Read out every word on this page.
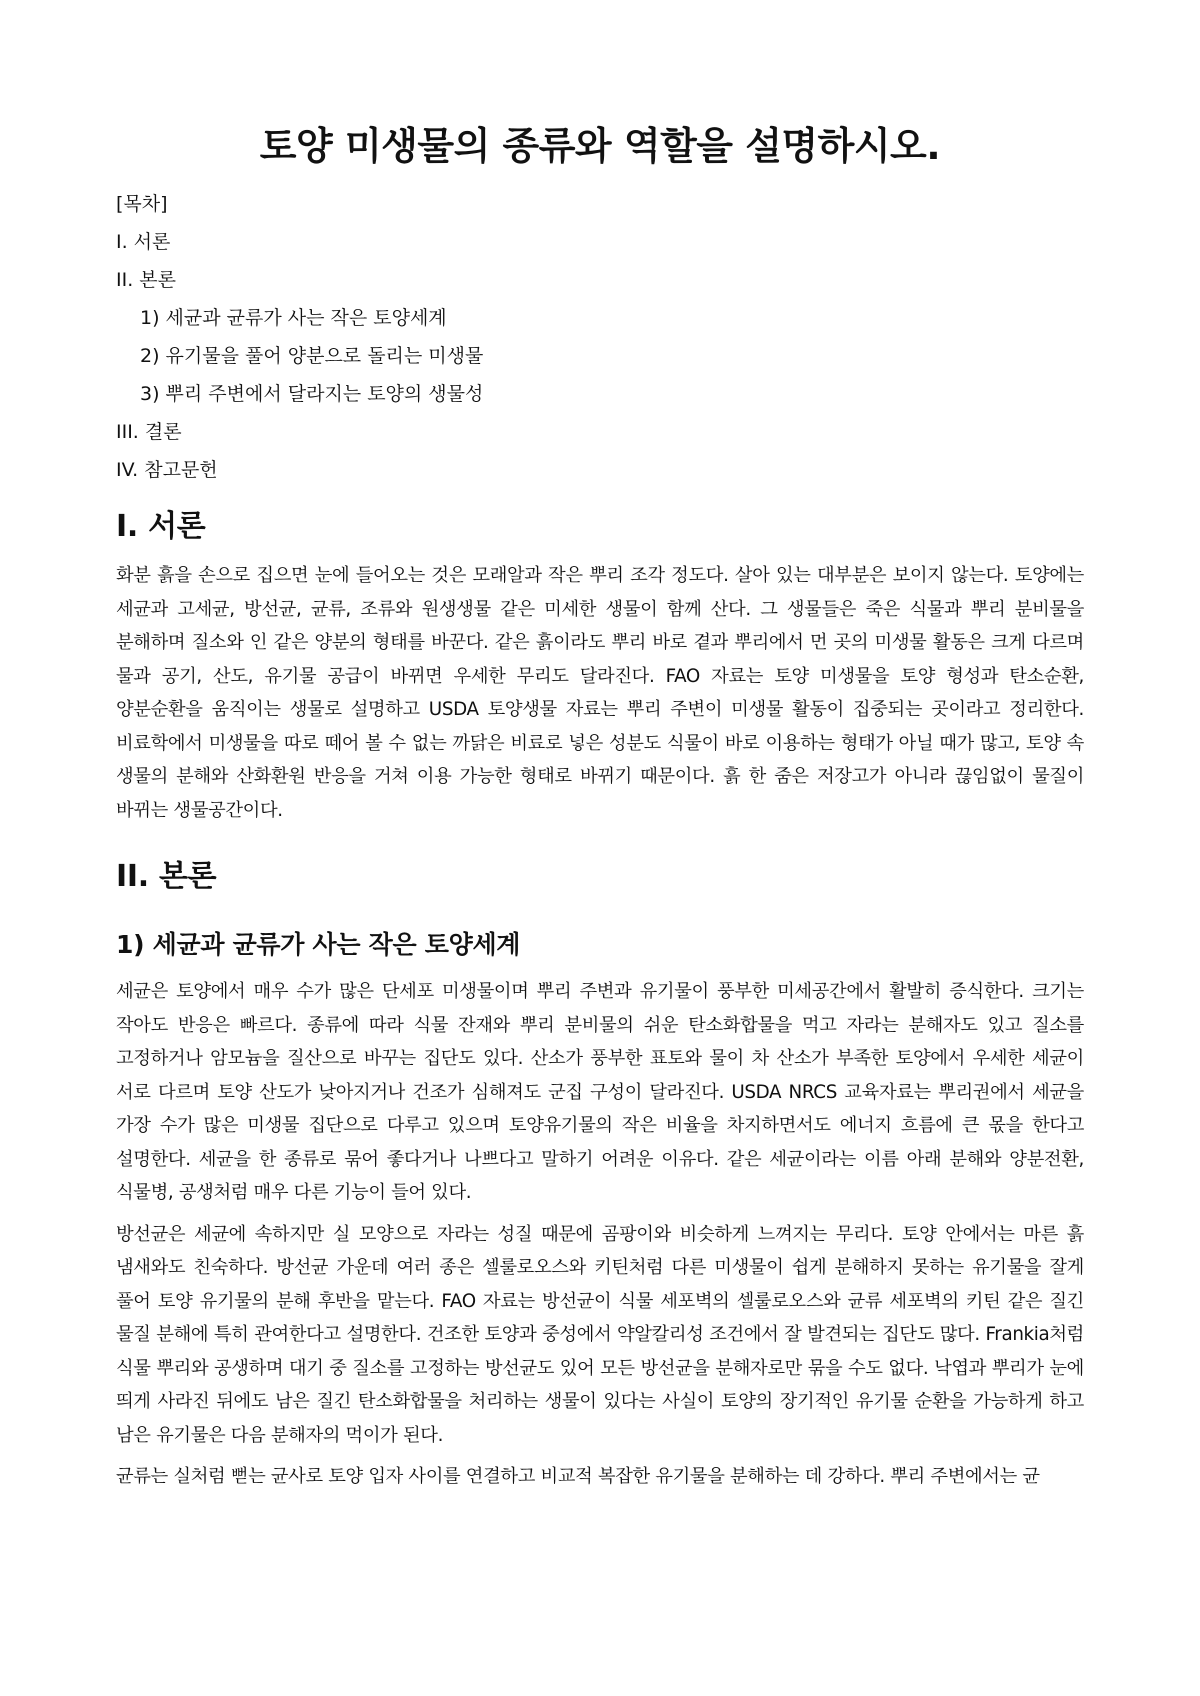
토양 미생물의 종류와 역할을 설명하시오.
[목차]
I. 서론
II. 본론
1) 세균과 균류가 사는 작은 토양세계
2) 유기물을 풀어 양분으로 돌리는 미생물
3) 뿌리 주변에서 달라지는 토양의 생물성
III. 결론
IV. 참고문헌
I. 서론

화분 흙을 손으로 집으면 눈에 들어오는 것은 모래알과 작은 뿌리 조각 정도다. 살아 있는 대부분은 보이지 않는다. 토양에는 세균과 고세균, 방선균, 균류, 조류와 원생생물 같은 미세한 생물이 함께 산다. 그 생물들은 죽은 식물과 뿌리 분비물을 분해하며 질소와 인 같은 양분의 형태를 바꾼다. 같은 흙이라도 뿌리 바로 곁과 뿌리에서 먼 곳의 미생물 활동은 크게 다르며 물과 공기, 산도, 유기물 공급이 바뀌면 우세한 무리도 달라진다. FAO 자료는 토양 미생물을 토양 형성과 탄소순환, 양분순환을 움직이는 생물로 설명하고 USDA 토양생물 자료는 뿌리 주변이 미생물 활동이 집중되는 곳이라고 정리한다. 비료학에서 미생물을 따로 떼어 볼 수 없는 까닭은 비료로 넣은 성분도 식물이 바로 이용하는 형태가 아닐 때가 많고, 토양 속 생물의 분해와 산화환원 반응을 거쳐 이용 가능한 형태로 바뀌기 때문이다. 흙 한 줌은 저장고가 아니라 끊임없이 물질이 바뀌는 생물공간이다.

II. 본론
1) 세균과 균류가 사는 작은 토양세계

세균은 토양에서 매우 수가 많은 단세포 미생물이며 뿌리 주변과 유기물이 풍부한 미세공간에서 활발히 증식한다. 크기는 작아도 반응은 빠르다. 종류에 따라 식물 잔재와 뿌리 분비물의 쉬운 탄소화합물을 먹고 자라는 분해자도 있고 질소를 고정하거나 암모늄을 질산으로 바꾸는 집단도 있다. 산소가 풍부한 표토와 물이 차 산소가 부족한 토양에서 우세한 세균이 서로 다르며 토양 산도가 낮아지거나 건조가 심해져도 군집 구성이 달라진다. USDA NRCS 교육자료는 뿌리권에서 세균을 가장 수가 많은 미생물 집단으로 다루고 있으며 토양유기물의 작은 비율을 차지하면서도 에너지 흐름에 큰 몫을 한다고 설명한다. 세균을 한 종류로 묶어 좋다거나 나쁘다고 말하기 어려운 이유다. 같은 세균이라는 이름 아래 분해와 양분전환, 식물병, 공생처럼 매우 다른 기능이 들어 있다.

방선균은 세균에 속하지만 실 모양으로 자라는 성질 때문에 곰팡이와 비슷하게 느껴지는 무리다. 토양 안에서는 마른 흙 냄새와도 친숙하다. 방선균 가운데 여러 종은 셀룰로오스와 키틴처럼 다른 미생물이 쉽게 분해하지 못하는 유기물을 잘게 풀어 토양 유기물의 분해 후반을 맡는다. FAO 자료는 방선균이 식물 세포벽의 셀룰로오스와 균류 세포벽의 키틴 같은 질긴 물질 분해에 특히 관여한다고 설명한다. 건조한 토양과 중성에서 약알칼리성 조건에서 잘 발견되는 집단도 많다. Frankia처럼 식물 뿌리와 공생하며 대기 중 질소를 고정하는 방선균도 있어 모든 방선균을 분해자로만 묶을 수도 없다. 낙엽과 뿌리가 눈에 띄게 사라진 뒤에도 남은 질긴 탄소화합물을 처리하는 생물이 있다는 사실이 토양의 장기적인 유기물 순환을 가능하게 하고 남은 유기물은 다음 분해자의 먹이가 된다.

균류는 실처럼 뻗는 균사로 토양 입자 사이를 연결하고 비교적 복잡한 유기물을 분해하는 데 강하다. 뿌리 주변에서는 균
